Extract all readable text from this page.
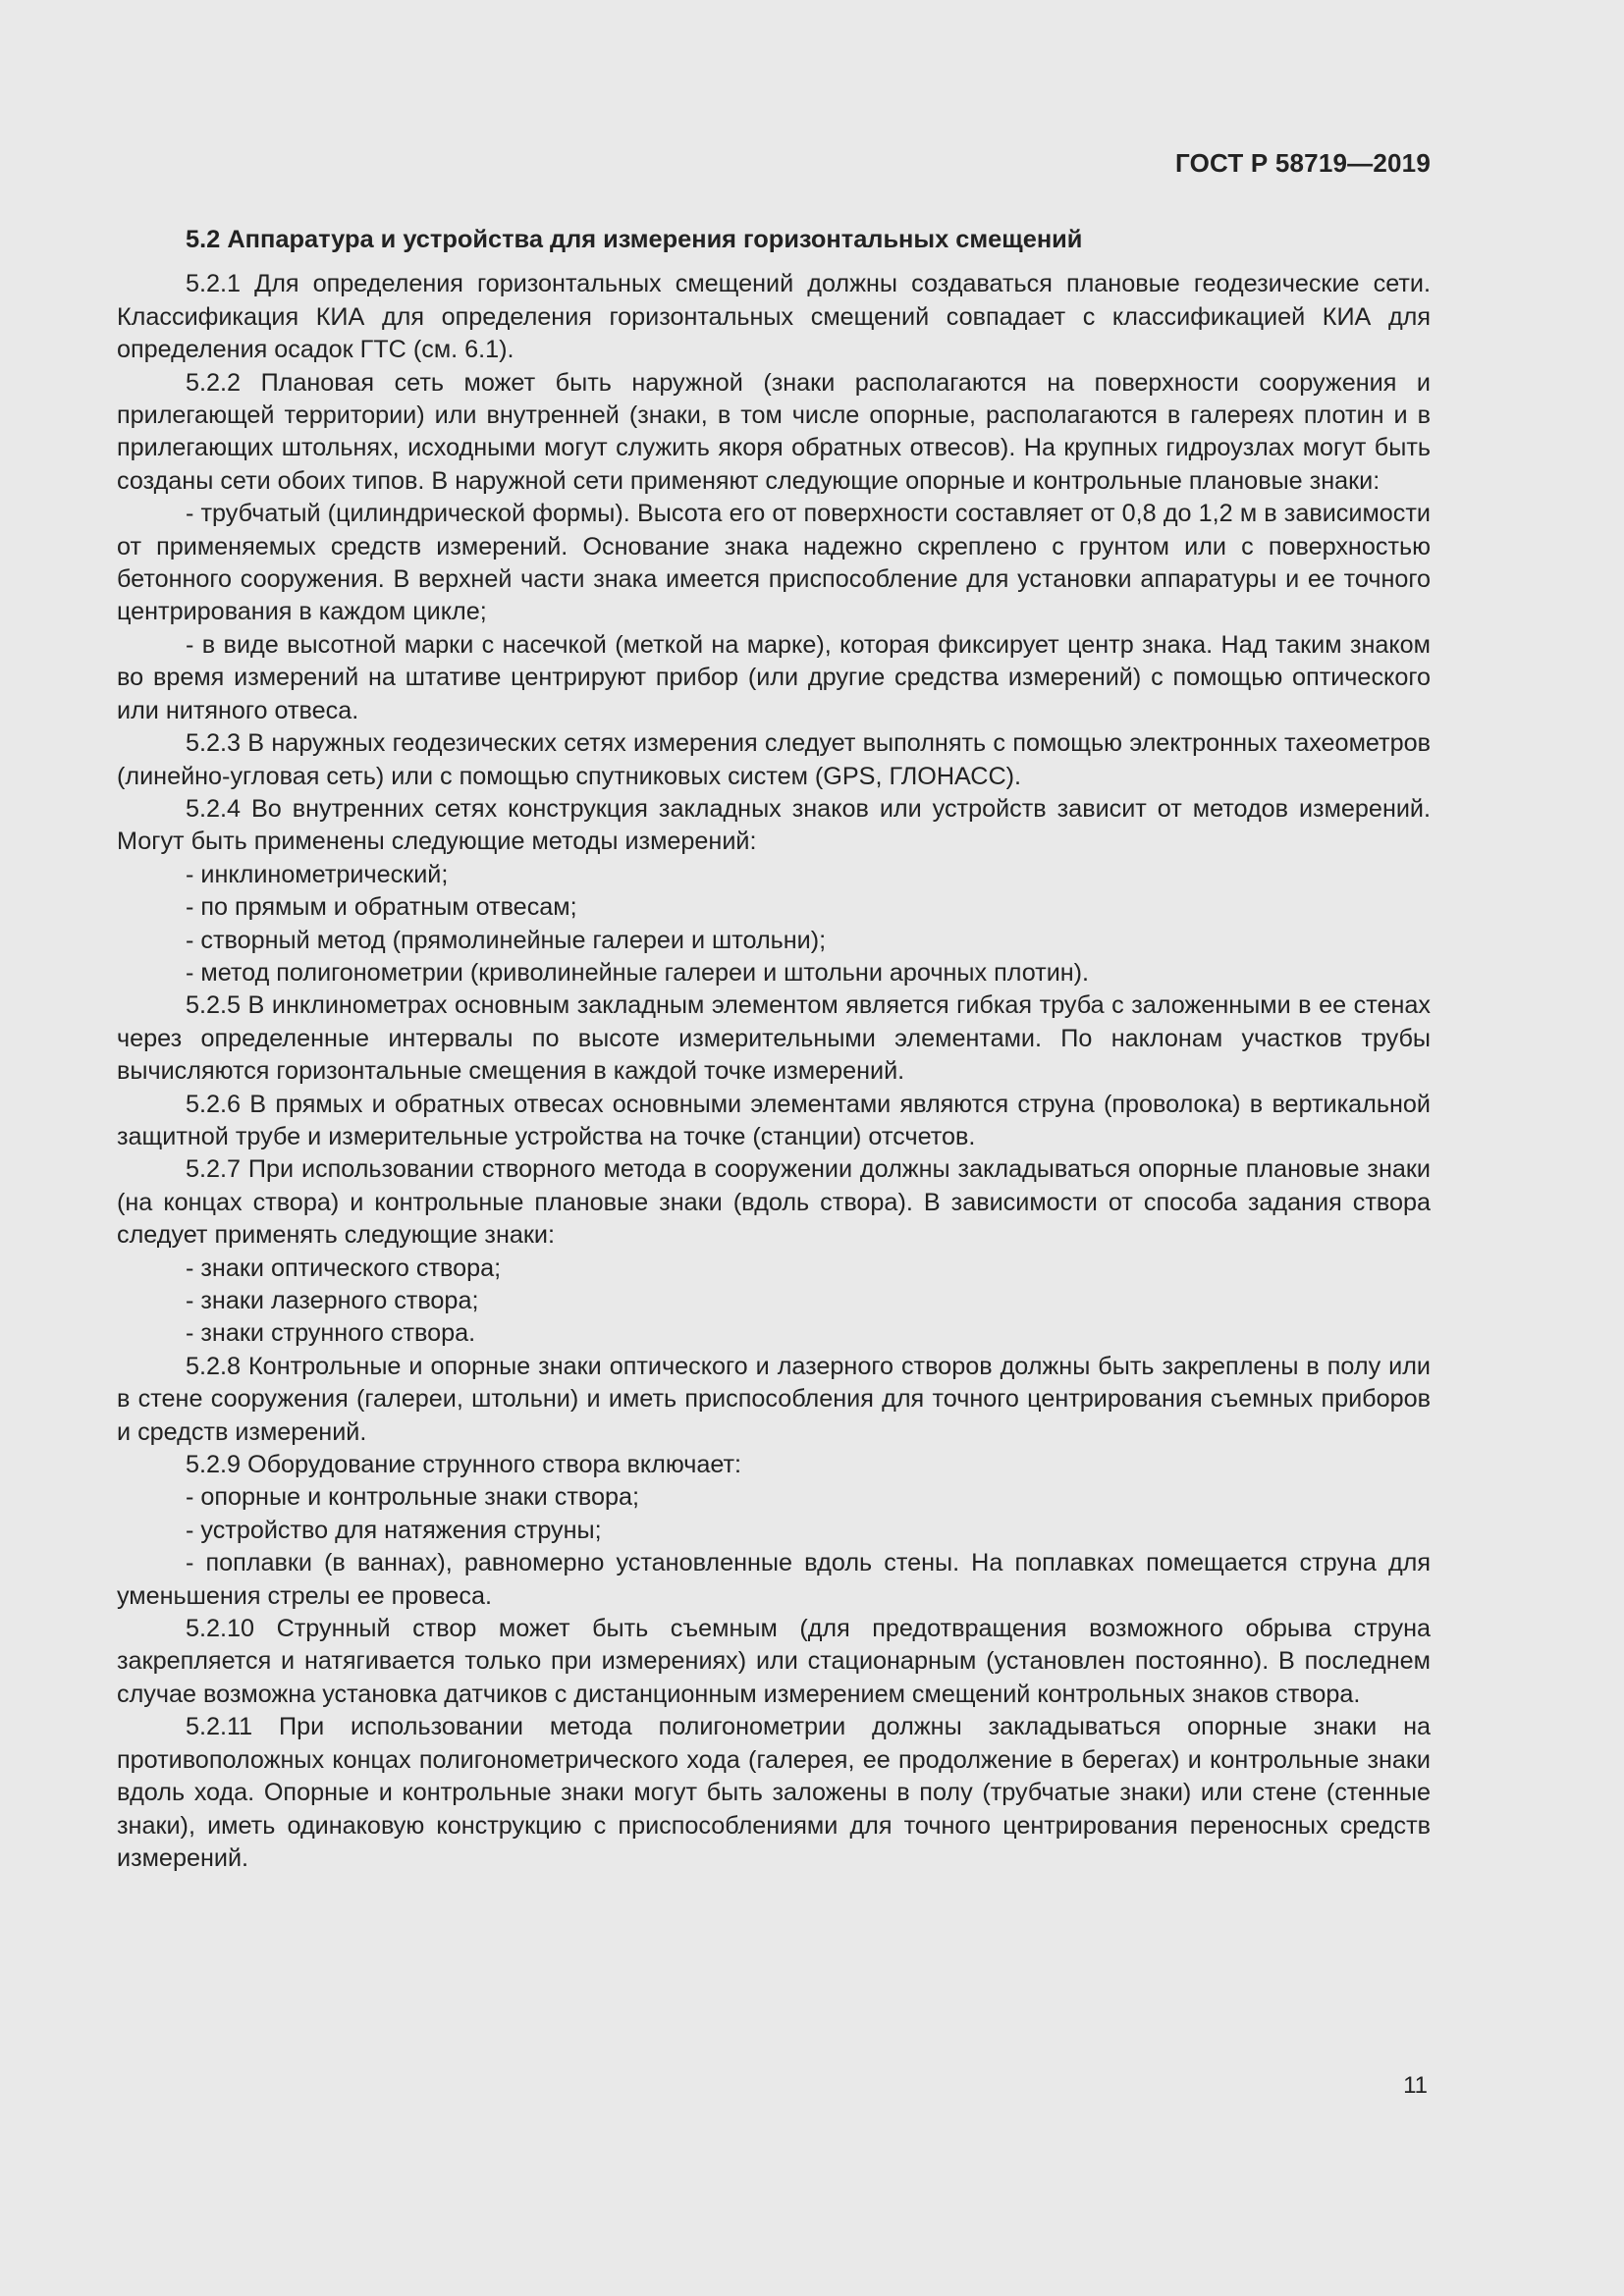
ГОСТ Р 58719—2019
5.2 Аппаратура и устройства для измерения горизонтальных смещений

5.2.1 Для определения горизонтальных смещений должны создаваться плановые геодезические сети. Классификация КИА для определения горизонтальных смещений совпадает с классификацией КИА для определения осадок ГТС (см. 6.1).

5.2.2 Плановая сеть может быть наружной (знаки располагаются на поверхности сооружения и прилегающей территории) или внутренней (знаки, в том числе опорные, располагаются в галереях плотин и в прилегающих штольнях, исходными могут служить якоря обратных отвесов). На крупных гидроузлах могут быть созданы сети обоих типов. В наружной сети применяют следующие опорные и контрольные плановые знаки:

- трубчатый (цилиндрической формы). Высота его от поверхности составляет от 0,8 до 1,2 м в зависимости от применяемых средств измерений. Основание знака надежно скреплено с грунтом или с поверхностью бетонного сооружения. В верхней части знака имеется приспособление для установки аппаратуры и ее точного центрирования в каждом цикле;

- в виде высотной марки с насечкой (меткой на марке), которая фиксирует центр знака. Над таким знаком во время измерений на штативе центрируют прибор (или другие средства измерений) с помощью оптического или нитяного отвеса.

5.2.3 В наружных геодезических сетях измерения следует выполнять с помощью электронных тахеометров (линейно-угловая сеть) или с помощью спутниковых систем (GPS, ГЛОНАСС).

5.2.4 Во внутренних сетях конструкция закладных знаков или устройств зависит от методов измерений. Могут быть применены следующие методы измерений:

- инклинометрический;

- по прямым и обратным отвесам;

- створный метод (прямолинейные галереи и штольни);

- метод полигонометрии (криволинейные галереи и штольни арочных плотин).

5.2.5 В инклинометрах основным закладным элементом является гибкая труба с заложенными в ее стенах через определенные интервалы по высоте измерительными элементами. По наклонам участков трубы вычисляются горизонтальные смещения в каждой точке измерений.

5.2.6 В прямых и обратных отвесах основными элементами являются струна (проволока) в вертикальной защитной трубе и измерительные устройства на точке (станции) отсчетов.

5.2.7 При использовании створного метода в сооружении должны закладываться опорные плановые знаки (на концах створа) и контрольные плановые знаки (вдоль створа). В зависимости от способа задания створа следует применять следующие знаки:

- знаки оптического створа;

- знаки лазерного створа;

- знаки струнного створа.

5.2.8 Контрольные и опорные знаки оптического и лазерного створов должны быть закреплены в полу или в стене сооружения (галереи, штольни) и иметь приспособления для точного центрирования съемных приборов и средств измерений.

5.2.9 Оборудование струнного створа включает:

- опорные и контрольные знаки створа;

- устройство для натяжения струны;

- поплавки (в ваннах), равномерно установленные вдоль стены. На поплавках помещается струна для уменьшения стрелы ее провеса.

5.2.10 Струнный створ может быть съемным (для предотвращения возможного обрыва струна закрепляется и натягивается только при измерениях) или стационарным (установлен постоянно). В последнем случае возможна установка датчиков с дистанционным измерением смещений контрольных знаков створа.

5.2.11 При использовании метода полигонометрии должны закладываться опорные знаки на противоположных концах полигонометрического хода (галерея, ее продолжение в берегах) и контрольные знаки вдоль хода. Опорные и контрольные знаки могут быть заложены в полу (трубчатые знаки) или стене (стенные знаки), иметь одинаковую конструкцию с приспособлениями для точного центрирования переносных средств измерений.

11
